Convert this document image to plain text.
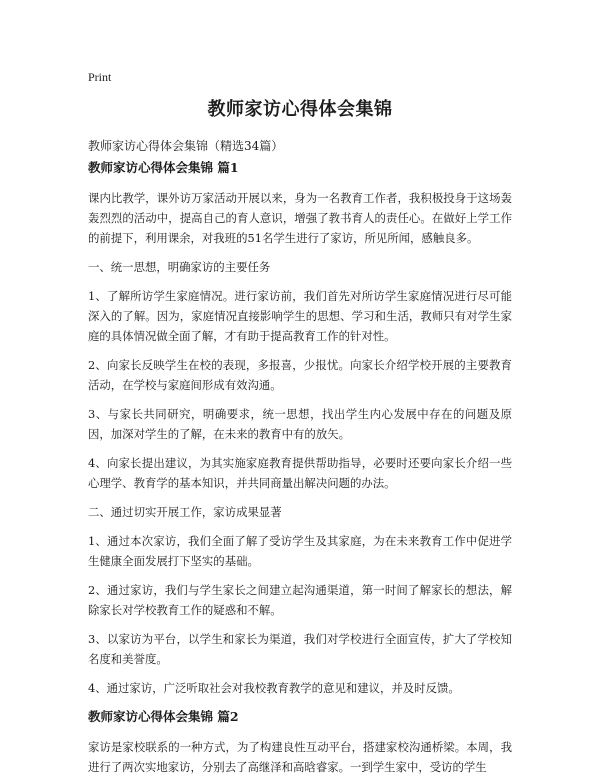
Print
教师家访心得体会集锦
教师家访心得体会集锦（精选34篇）
教师家访心得体会集锦 篇1

课内比教学，课外访万家活动开展以来，身为一名教育工作者，我积极投身于这场轰轰烈烈的活动中，提高自己的育人意识，增强了教书育人的责任心。在做好上学工作的前提下，利用课余，对我班的51名学生进行了家访，所见所闻，感触良多。

一、统一思想，明确家访的主要任务

1、了解所访学生家庭情况。进行家访前，我们首先对所访学生家庭情况进行尽可能深入的了解。因为，家庭情况直接影响学生的思想、学习和生活，教师只有对学生家庭的具体情况做全面了解，才有助于提高教育工作的针对性。

2、向家长反映学生在校的表现，多报喜，少报忧。向家长介绍学校开展的主要教育活动，在学校与家庭间形成有效沟通。

3、与家长共同研究，明确要求，统一思想，找出学生内心发展中存在的问题及原因，加深对学生的了解，在未来的教育中有的放矢。

4、向家长提出建议，为其实施家庭教育提供帮助指导，必要时还要向家长介绍一些心理学、教育学的基本知识，并共同商量出解决问题的办法。

二、通过切实开展工作，家访成果显著

1、通过本次家访，我们全面了解了受访学生及其家庭，为在未来教育工作中促进学生健康全面发展打下坚实的基础。

2、通过家访，我们与学生家长之间建立起沟通渠道，第一时间了解家长的想法，解除家长对学校教育工作的疑惑和不解。

3、以家访为平台，以学生和家长为渠道，我们对学校进行全面宣传，扩大了学校知名度和美誉度。

4、通过家访，广泛听取社会对我校教育教学的意见和建议，并及时反馈。

教师家访心得体会集锦 篇2

家访是家校联系的一种方式，为了构建良性互动平台，搭建家校沟通桥梁。本周，我进行了两次实地家访，分别去了高继泽和高晗睿家。一到学生家中，受访的学生
